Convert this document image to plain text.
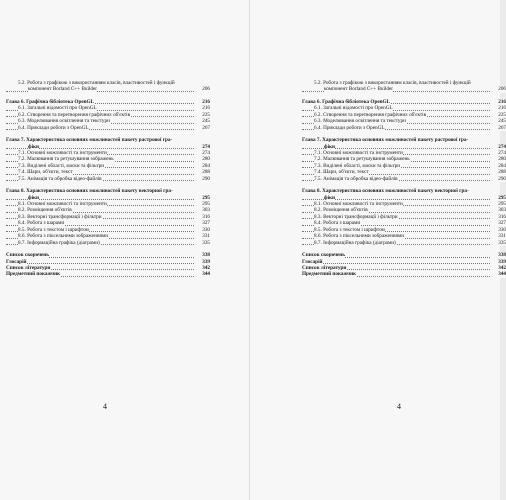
5.2. Робота з графікою з використанням класів, властивостей і функцій
компонент Borland C++ Builder	206
Глава 6. Графічна бібліотека OpenGL	216
6.1. Загальні відомості про OpenGL	216
6.2. Створення та перетворення графічних об'єктів	225
6.3. Моделювання освітлення та текстури	245
6.4. Приклади роботи з OpenGL	267
Глава 7. Характеристика основних можливостей пакету растрової гра-
фіки	274
7.1. Основні можливості та інструменти	274
7.2. Малювання та ретушування зображень	280
7.3. Виділені області, маски та фільтри	284
7.4. Шари, об'єкти, текст	288
7.5. Анімація та обробка відео-файлів	290
Глава 8. Характеристика основних можливостей пакету векторної гра-
фіки	295
8.1. Основні можливості та інструменти	295
8.2. Розміщення об'єктів	303
8.3. Векторні трансформації і фільтри	316
8.4. Робота з шарами	327
8.5. Робота з текстом і шрифтом	330
8.6. Робота з піксельними зображеннями	331
8.7. Інформаційна графіка (діаграми)	335
Список скорочень	338
Глосарій	339
Список літератури	342
Предметний покажчик	344
4
5.2. Робота з графікою з використанням класів, властивостей і функцій
компонент Borland C++ Builder	206
Глава 6. Графічна бібліотека OpenGL	216
6.1. Загальні відомості про OpenGL	216
6.2. Створення та перетворення графічних об'єктів	225
6.3. Моделювання освітлення та текстури	245
6.4. Приклади роботи з OpenGL	267
Глава 7. Характеристика основних можливостей пакету растрової гра-
фіки	274
7.1. Основні можливості та інструменти	274
7.2. Малювання та ретушування зображень	280
7.3. Виділені області, маски та фільтри	284
7.4. Шари, об'єкти, текст	288
7.5. Анімація та обробка відео-файлів	290
Глава 8. Характеристика основних можливостей пакету векторної гра-
фіки	295
8.1. Основні можливості та інструменти	295
8.2. Розміщення об'єктів	303
8.3. Векторні трансформації і фільтри	316
8.4. Робота з шарами	327
8.5. Робота з текстом і шрифтом	330
8.6. Робота з піксельними зображеннями	331
8.7. Інформаційна графіка (діаграми)	335
Список скорочень	338
Глосарій	339
Список літератури	342
Предметний покажчик	344
4
